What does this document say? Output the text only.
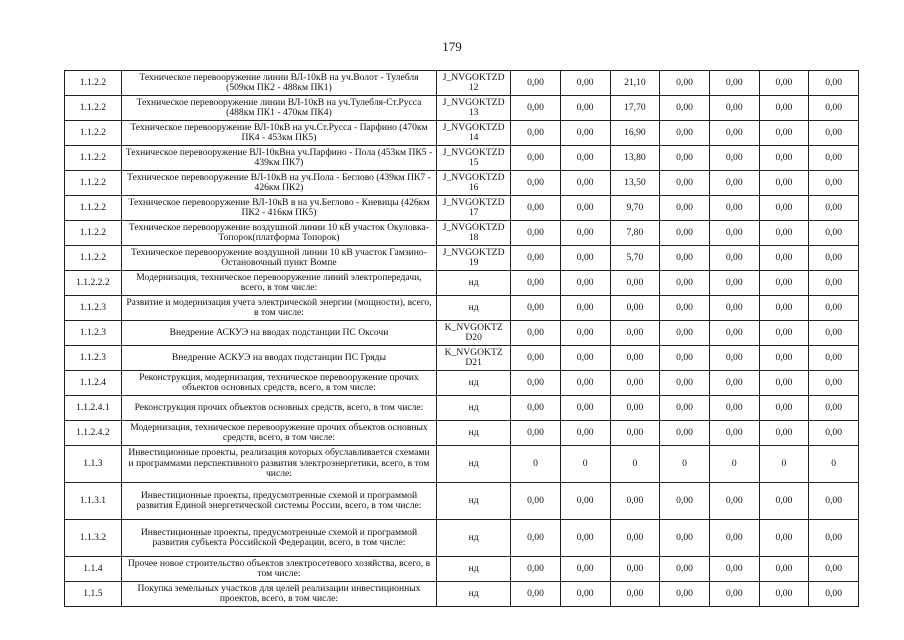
179
1.1.2.2	Техническое перевооружение линии ВЛ-10кВ на уч.Волот - Тулебля (509км ПК2 - 488км ПК1)	J_NVGOKTZD 12	0,00	0,00	21,10	0,00	0,00	0,00	0,00
1.1.2.2	Техническое перевооружение линии ВЛ-10кВ на уч.Тулебля-Ст.Русса (488км ПК1 - 470км ПК4)	J_NVGOKTZD 13	0,00	0,00	17,70	0,00	0,00	0,00	0,00
1.1.2.2	Техническое перевооружение ВЛ-10кВ на уч.Ст.Русса - Парфино (470км ПК4 - 453км ПК5)	J_NVGOKTZD 14	0,00	0,00	16,90	0,00	0,00	0,00	0,00
1.1.2.2	Техническое перевооружение ВЛ-10кВна уч.Парфино - Пола (453км ПК5 - 439км ПК7)	J_NVGOKTZD 15	0,00	0,00	13,80	0,00	0,00	0,00	0,00
1.1.2.2	Техническое перевооружение ВЛ-10кВ на уч.Пола - Беглово (439км ПК7 - 426км ПК2)	J_NVGOKTZD 16	0,00	0,00	13,50	0,00	0,00	0,00	0,00
1.1.2.2	Техническое перевооружение ВЛ-10кВ в на уч.Беглово - Кневицы (426км ПК2 - 416км ПК5)	J_NVGOKTZD 17	0,00	0,00	9,70	0,00	0,00	0,00	0,00
1.1.2.2	Техническое перевооружение воздушной линии 10 кВ участок Окуловка-Топорок(платформа Топорок)	J_NVGOKTZD 18	0,00	0,00	7,80	0,00	0,00	0,00	0,00
1.1.2.2	Техническое перевооружение воздушной линии 10 кВ участок Гамзино-Остановочный пункт Вомпе	J_NVGOKTZD 19	0,00	0,00	5,70	0,00	0,00	0,00	0,00
1.1.2.2.2	Модернизация, техническое перевооружение линий электропередачи, всего, в том числе:	нд	0,00	0,00	0,00	0,00	0,00	0,00	0,00
1.1.2.3	Развитие и модернизация учета электрической энергии (мощности), всего, в том числе:	нд	0,00	0,00	0,00	0,00	0,00	0,00	0,00
1.1.2.3	Внедрение АСКУЭ на вводах подстанции ПС Оксочи	K_NVGOKTZ D20	0,00	0,00	0,00	0,00	0,00	0,00	0,00
1.1.2.3	Внедрение АСКУЭ на вводах подстанции ПС Гряды	K_NVGOKTZ D21	0,00	0,00	0,00	0,00	0,00	0,00	0,00
1.1.2.4	Реконструкция, модернизация, техническое перевооружение прочих объектов основных средств, всего, в том числе:	нд	0,00	0,00	0,00	0,00	0,00	0,00	0,00
1.1.2.4.1	Реконструкция прочих объектов основных средств, всего, в том числе:	нд	0,00	0,00	0,00	0,00	0,00	0,00	0,00
1.1.2.4.2	Модернизация, техническое перевооружение прочих объектов основных средств, всего, в том числе:	нд	0,00	0,00	0,00	0,00	0,00	0,00	0,00
1.1.3	Инвестиционные проекты, реализация которых обуславливается схемами и программами перспективного развития электроэнергетики, всего, в том числе:	нд	0	0	0	0	0	0	0
1.1.3.1	Инвестиционные проекты, предусмотренные схемой и программой развития Единой энергетической системы России, всего, в том числе:	нд	0,00	0,00	0,00	0,00	0,00	0,00	0,00
1.1.3.2	Инвестиционные проекты, предусмотренные схемой и программой развития субъекта Российской Федерации, всего, в том числе:	нд	0,00	0,00	0,00	0,00	0,00	0,00	0,00
1.1.4	Прочее новое строительство объектов электросетевого хозяйства, всего, в том числе:	нд	0,00	0,00	0,00	0,00	0,00	0,00	0,00
1.1.5	Покупка земельных участков для целей реализации инвестиционных проектов, всего, в том числе:	нд	0,00	0,00	0,00	0,00	0,00	0,00	0,00
